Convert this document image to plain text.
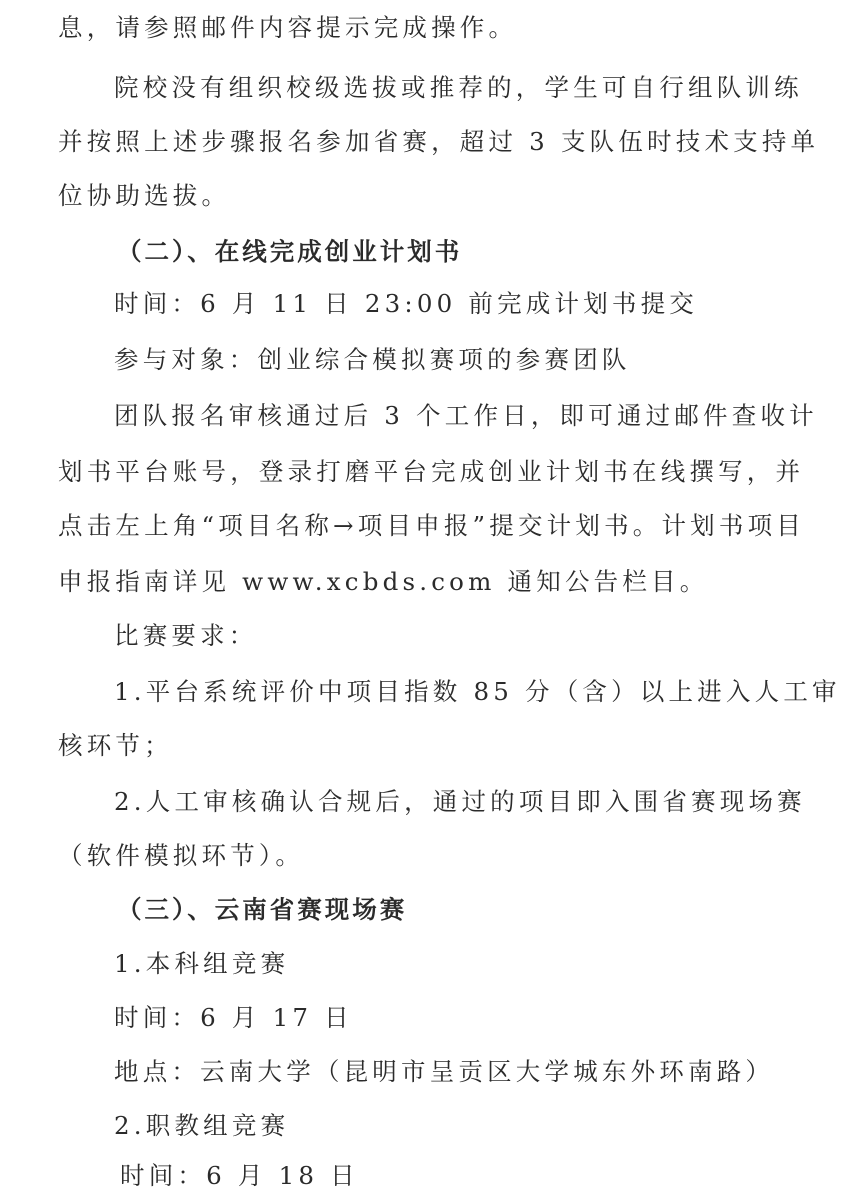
息，请参照邮件内容提示完成操作。
院校没有组织校级选拔或推荐的，学生可自行组队训练
并按照上述步骤报名参加省赛，超过 3 支队伍时技术支持单
位协助选拔。
（二）、在线完成创业计划书
时间：6 月 11 日 23:00 前完成计划书提交
参与对象：创业综合模拟赛项的参赛团队
团队报名审核通过后 3 个工作日，即可通过邮件查收计
划书平台账号，登录打磨平台完成创业计划书在线撰写，并
点击左上角“项目名称→项目申报”提交计划书。计划书项目
申报指南详见 www.xcbds.com 通知公告栏目。
比赛要求：
1.平台系统评价中项目指数 85 分（含）以上进入人工审
核环节；
2.人工审核确认合规后，通过的项目即入围省赛现场赛
（软件模拟环节）。
（三）、云南省赛现场赛
1.本科组竞赛
时间：6 月 17 日
地点：云南大学（昆明市呈贡区大学城东外环南路）
2.职教组竞赛
时间：6 月 18 日
